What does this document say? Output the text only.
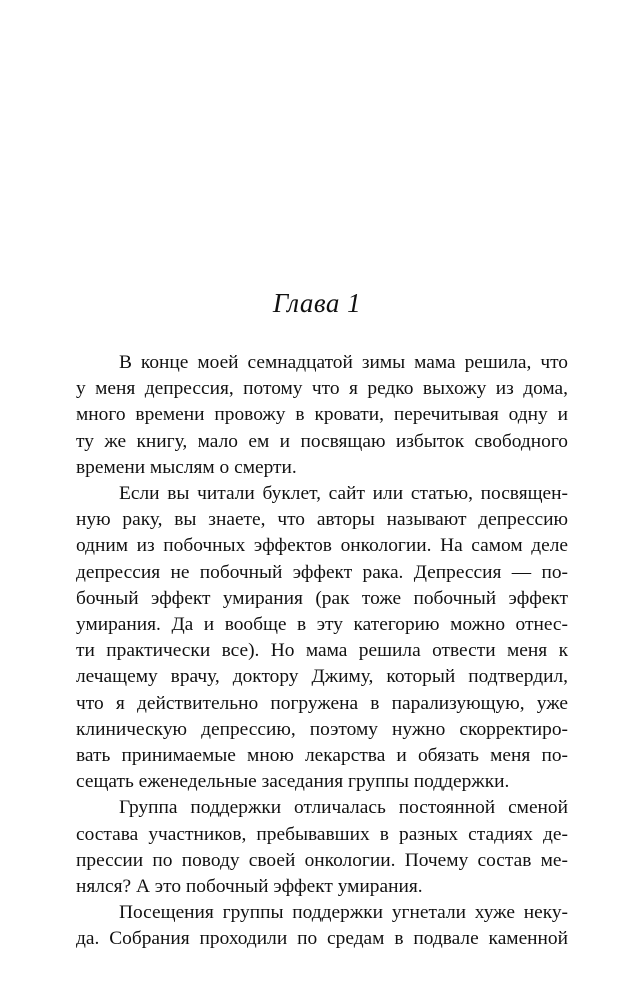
Глава 1

В конце моей семнадцатой зимы мама решила, что
у меня депрессия, потому что я редко выхожу из дома,
много времени провожу в кровати, перечитывая одну и
ту же книгу, мало ем и посвящаю избыток свободного
времени мыслям о смерти.

Если вы читали буклет, сайт или статью, посвящен-
ную раку, вы знаете, что авторы называют депрессию
одним из побочных эффектов онкологии. На самом деле
депрессия не побочный эффект рака. Депрессия — по-
бочный эффект умирания (рак тоже побочный эффект
умирания. Да и вообще в эту категорию можно отнес-
ти практически все). Но мама решила отвести меня к
лечащему врачу, доктору Джиму, который подтвердил,
что я действительно погружена в парализующую, уже
клиническую депрессию, поэтому нужно скорректиро-
вать принимаемые мною лекарства и обязать меня по-
сещать еженедельные заседания группы поддержки.

Группа поддержки отличалась постоянной сменой
состава участников, пребывавших в разных стадиях де-
прессии по поводу своей онкологии. Почему состав ме-
нялся? А это побочный эффект умирания.

Посещения группы поддержки угнетали хуже неку-
да. Собрания проходили по средам в подвале каменной
